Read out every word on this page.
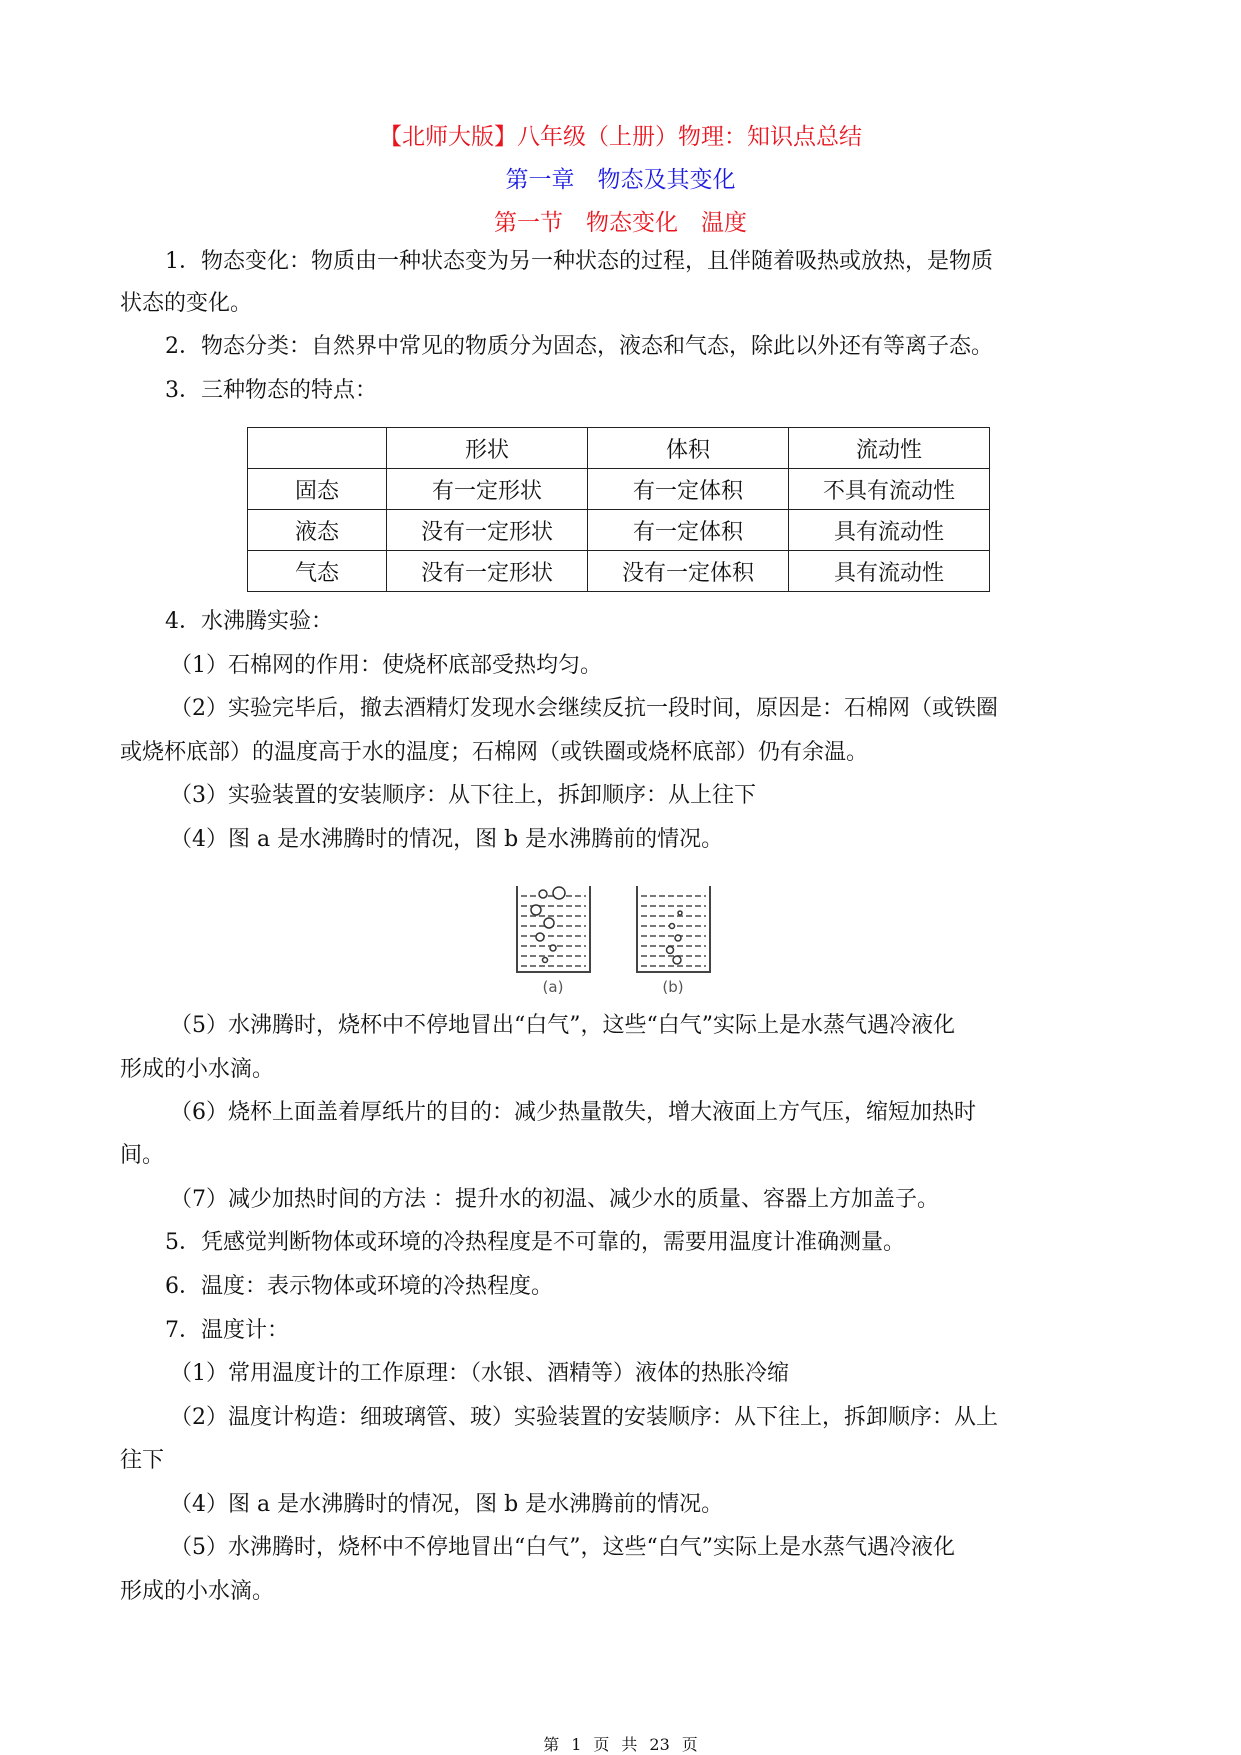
【北师大版】八年级（上册）物理：知识点总结
第一章　物态及其变化
第一节　物态变化　温度
1．物态变化：物质由一种状态变为另一种状态的过程，且伴随着吸热或放热，是物质
状态的变化。
2．物态分类：自然界中常见的物质分为固态，液态和气态，除此以外还有等离子态。
3．三种物态的特点：
	形状	体积	流动性
固态	有一定形状	有一定体积	不具有流动性
液态	没有一定形状	有一定体积	具有流动性
气态	没有一定形状	没有一定体积	具有流动性
4．水沸腾实验：
（1）石棉网的作用：使烧杯底部受热均匀。
（2）实验完毕后，撤去酒精灯发现水会继续反抗一段时间，原因是：石棉网（或铁圈
或烧杯底部）的温度高于水的温度；石棉网（或铁圈或烧杯底部）仍有余温。
（3）实验装置的安装顺序：从下往上，拆卸顺序：从上往下
（4）图 a 是水沸腾时的情况，图 b 是水沸腾前的情况。
(a)	(b)
（5）水沸腾时，烧杯中不停地冒出“白气”，这些“白气”实际上是水蒸气遇冷液化
形成的小水滴。
（6）烧杯上面盖着厚纸片的目的：减少热量散失，增大液面上方气压，缩短加热时
间。
（7）减少加热时间的方法 ：提升水的初温、减少水的质量、容器上方加盖子。
5．凭感觉判断物体或环境的冷热程度是不可靠的，需要用温度计准确测量。
6．温度：表示物体或环境的冷热程度。
7．温度计：
（1）常用温度计的工作原理：（水银、酒精等）液体的热胀冷缩
（2）温度计构造：细玻璃管、玻）实验装置的安装顺序：从下往上，拆卸顺序：从上
往下
（4）图 a 是水沸腾时的情况，图 b 是水沸腾前的情况。
（5）水沸腾时，烧杯中不停地冒出“白气”，这些“白气”实际上是水蒸气遇冷液化
形成的小水滴。
第 1 页 共 23 页
